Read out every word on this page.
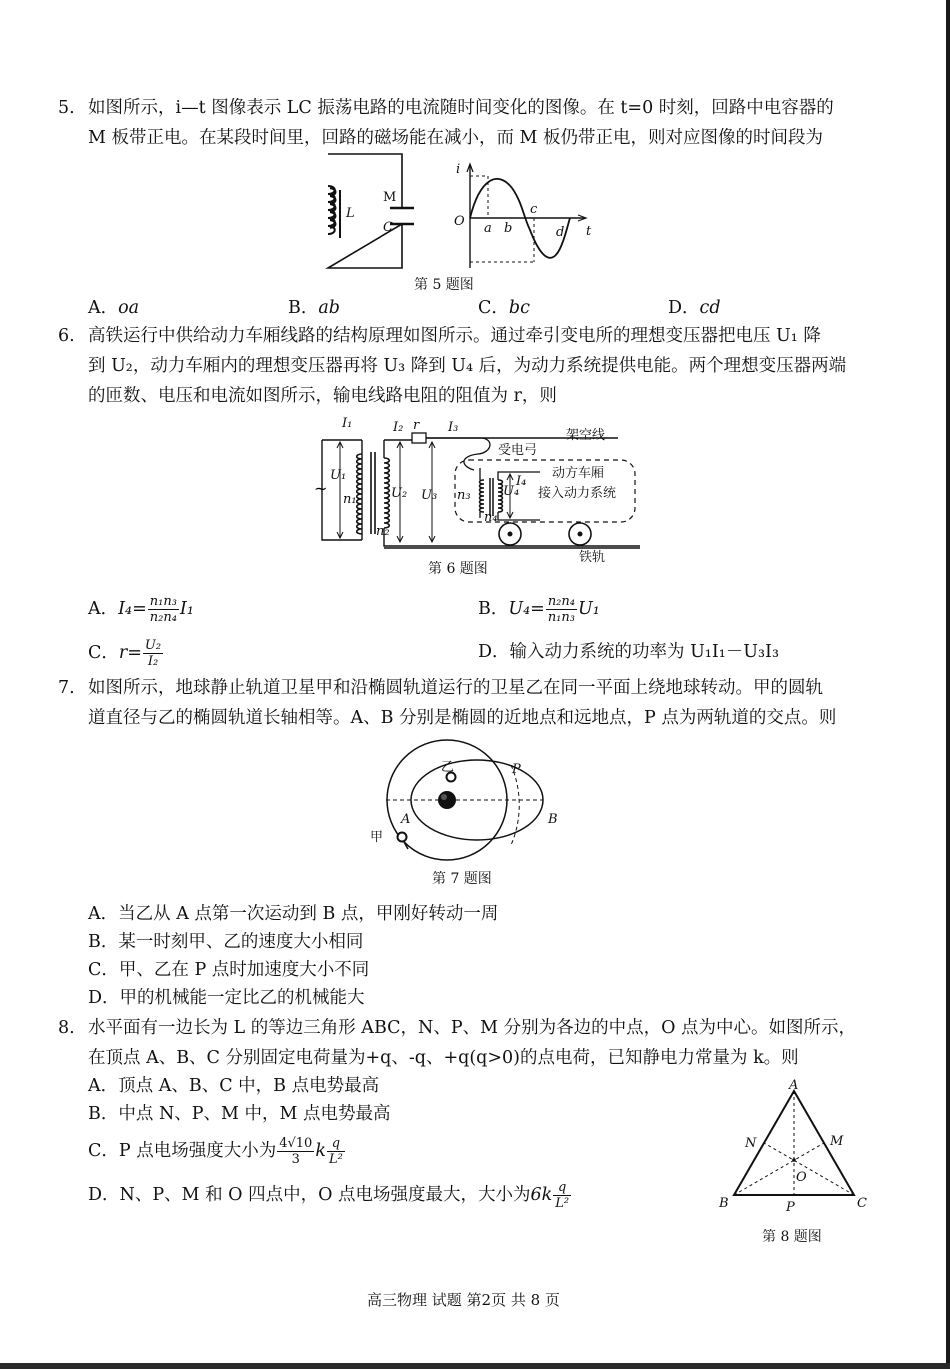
5. 如图所示，i—t 图像表示 LC 振荡电路的电流随时间变化的图像。在 t=0 时刻，回路中电容器的
M 板带正电。在某段时间里，回路的磁场能在减小，而 M 板仍带正电，则对应图像的时间段为
L
M
C
i
O a b
c
d t
第 5 题图
A．oa	B．ab	C．bc	D．cd
6. 高铁运行中供给动力车厢线路的结构原理如图所示。通过牵引变电所的理想变压器把电压 U₁ 降
到 U₂，动力车厢内的理想变压器再将 U₃ 降到 U₄ 后，为动力系统提供电能。两个理想变压器两端
的匝数、电压和电流如图所示，输电线路电阻的阻值为 r，则
~
I₁	I₂ r I₃
架空线
受电弓
U₁
n₁	U₂
n₂
U₃ n₃ U₄
I₄
n₄
动方车厢
接入动力系统
铁轨
第 6 题图
A．$I_4= \frac{\text{n₁n₃}}{\text{n₂n₄}} I_1$	B．$U_4= \frac{\text{n₂n₄}}{\text{n₁n₃}} U_1$
C．$r= \frac{\text{U₂}}{\text{I₂}}$	D．输入动力系统的功率为 U₁I₁－U₃I₃
7. 如图所示，地球静止轨道卫星甲和沿椭圆轨道运行的卫星乙在同一平面上绕地球转动。甲的圆轨
道直径与乙的椭圆轨道长轴相等。A、B 分别是椭圆的近地点和远地点，P 点为两轨道的交点。则
乙	P
A	B
甲
第 7 题图
A．当乙从 A 点第一次运动到 B 点，甲刚好转动一周
B．某一时刻甲、乙的速度大小相同
C．甲、乙在 P 点时加速度大小不同
D．甲的机械能一定比乙的机械能大
8. 水平面有一边长为 L 的等边三角形 ABC，N、P、M 分别为各边的中点，O 点为中心。如图所示，
在顶点 A、B、C 分别固定电荷量为+q、-q、+q(q>0)的点电荷，已知静电力常量为 k。则
A．顶点 A、B、C 中，B 点电势最高
B．中点 N、P、M 中，M 点电势最高
C．P 点电场强度大小为 $\frac{4√10}{3}$ k $\frac{q}{\text{L²}}$
D．N、P、M 和 O 四点中，O 点电场强度最大，大小为$6k \frac{q}{\text{L²}}$
A
N	M
O
B	P	C
第 8 题图
高三物理 试题 第2页 共 8 页
